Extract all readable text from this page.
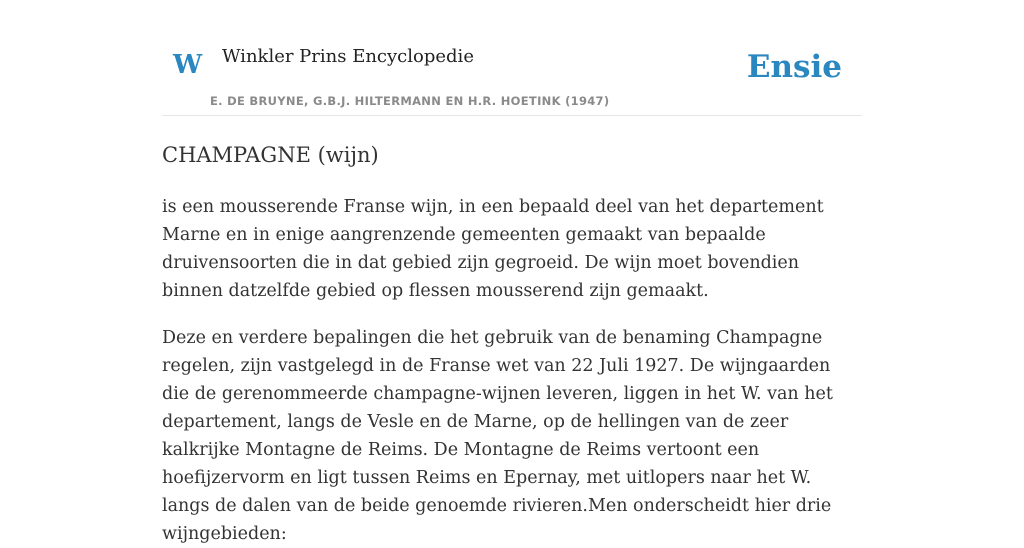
W Winkler Prins Encyclopedie
E. DE BRUYNE, G.B.J. HILTERMANN EN H.R. HOETINK (1947)
Ensie
CHAMPAGNE (wijn)

is een mousserende Franse wijn, in een bepaald deel van het departement Marne en in enige aangrenzende gemeenten gemaakt van bepaalde druivensoorten die in dat gebied zijn gegroeid. De wijn moet bovendien binnen datzelfde gebied op flessen mousserend zijn gemaakt.

Deze en verdere bepalingen die het gebruik van de benaming Champagne regelen, zijn vastgelegd in de Franse wet van 22 Juli 1927. De wijngaarden die de gerenommeerde champagne-wijnen leveren, liggen in het W. van het departement, langs de Vesle en de Marne, op de hellingen van de zeer kalkrijke Montagne de Reims. De Montagne de Reims vertoont een hoefijzervorm en ligt tussen Reims en Epernay, met uitlopers naar het W. langs de dalen van de beide genoemde rivieren.Men onderscheidt hier drie wijngebieden:
